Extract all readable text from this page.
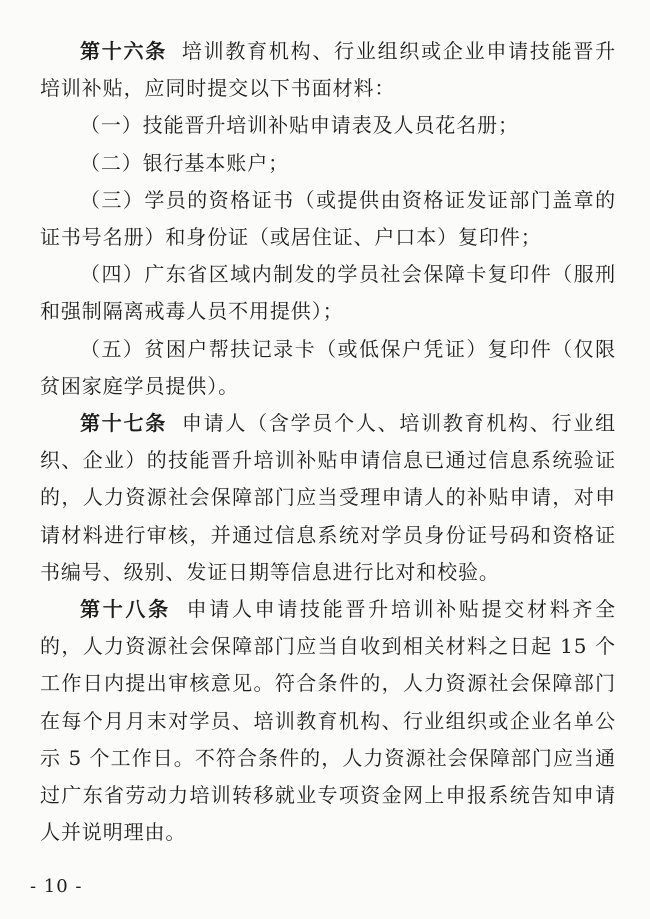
第十六条 培训教育机构、行业组织或企业申请技能晋升培训补贴，应同时提交以下书面材料：

（一）技能晋升培训补贴申请表及人员花名册；

（二）银行基本账户；

（三）学员的资格证书（或提供由资格证发证部门盖章的证书号名册）和身份证（或居住证、户口本）复印件；

（四）广东省区域内制发的学员社会保障卡复印件（服刑和强制隔离戒毒人员不用提供）；

（五）贫困户帮扶记录卡（或低保户凭证）复印件（仅限贫困家庭学员提供）。

第十七条 申请人（含学员个人、培训教育机构、行业组织、企业）的技能晋升培训补贴申请信息已通过信息系统验证的，人力资源社会保障部门应当受理申请人的补贴申请，对申请材料进行审核，并通过信息系统对学员身份证号码和资格证书编号、级别、发证日期等信息进行比对和校验。

第十八条 申请人申请技能晋升培训补贴提交材料齐全的，人力资源社会保障部门应当自收到相关材料之日起 15 个工作日内提出审核意见。符合条件的，人力资源社会保障部门在每个月月末对学员、培训教育机构、行业组织或企业名单公示 5 个工作日。不符合条件的，人力资源社会保障部门应当通过广东省劳动力培训转移就业专项资金网上申报系统告知申请人并说明理由。

- 10 -
